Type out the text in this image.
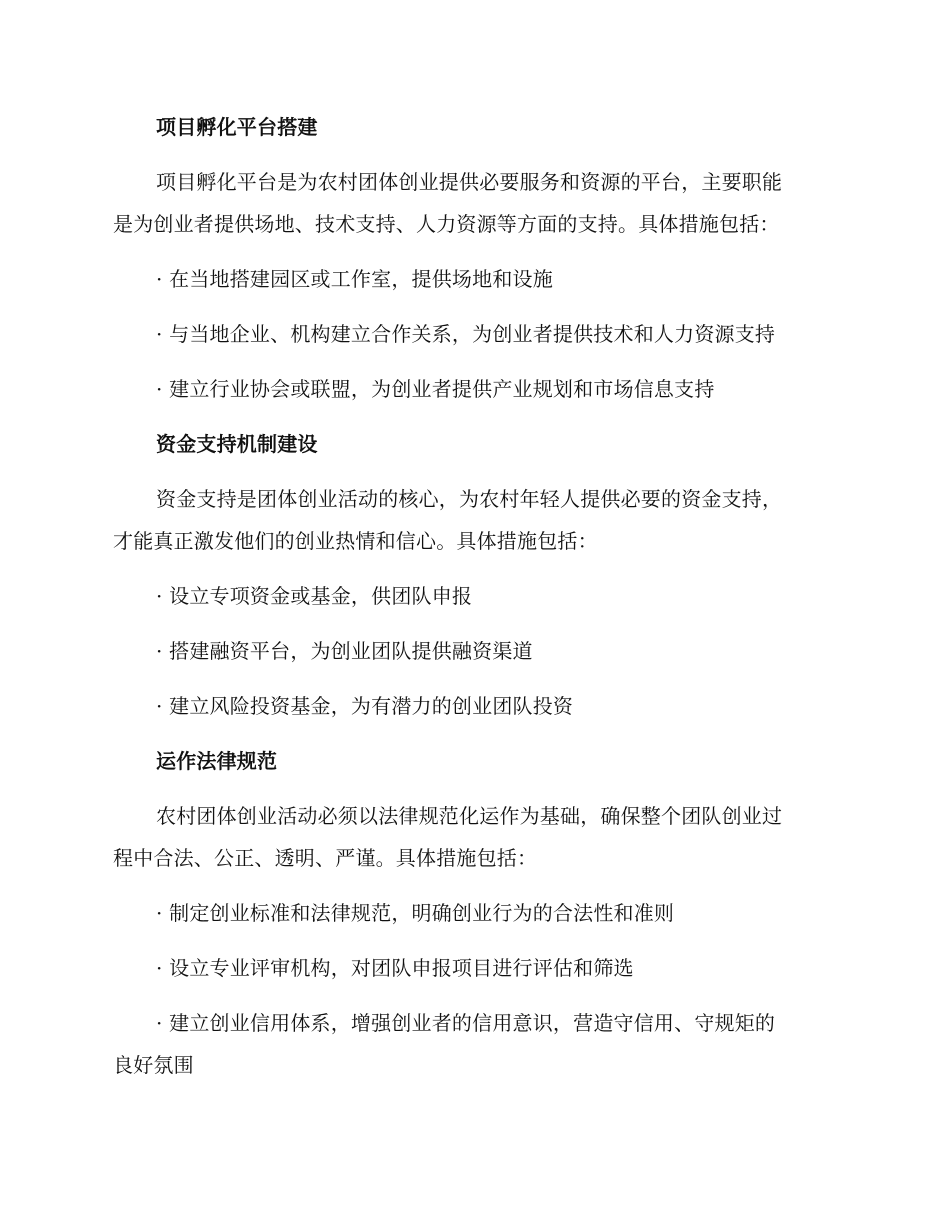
项目孵化平台搭建
项目孵化平台是为农村团体创业提供必要服务和资源的平台，主要职能
是为创业者提供场地、技术支持、人力资源等方面的支持。具体措施包括：
· 在当地搭建园区或工作室，提供场地和设施
· 与当地企业、机构建立合作关系，为创业者提供技术和人力资源支持
· 建立行业协会或联盟，为创业者提供产业规划和市场信息支持
资金支持机制建设
资金支持是团体创业活动的核心，为农村年轻人提供必要的资金支持，
才能真正激发他们的创业热情和信心。具体措施包括：
· 设立专项资金或基金，供团队申报
· 搭建融资平台，为创业团队提供融资渠道
· 建立风险投资基金，为有潜力的创业团队投资
运作法律规范
农村团体创业活动必须以法律规范化运作为基础，确保整个团队创业过
程中合法、公正、透明、严谨。具体措施包括：
· 制定创业标准和法律规范，明确创业行为的合法性和准则
· 设立专业评审机构，对团队申报项目进行评估和筛选
· 建立创业信用体系，增强创业者的信用意识，营造守信用、守规矩的
良好氛围
